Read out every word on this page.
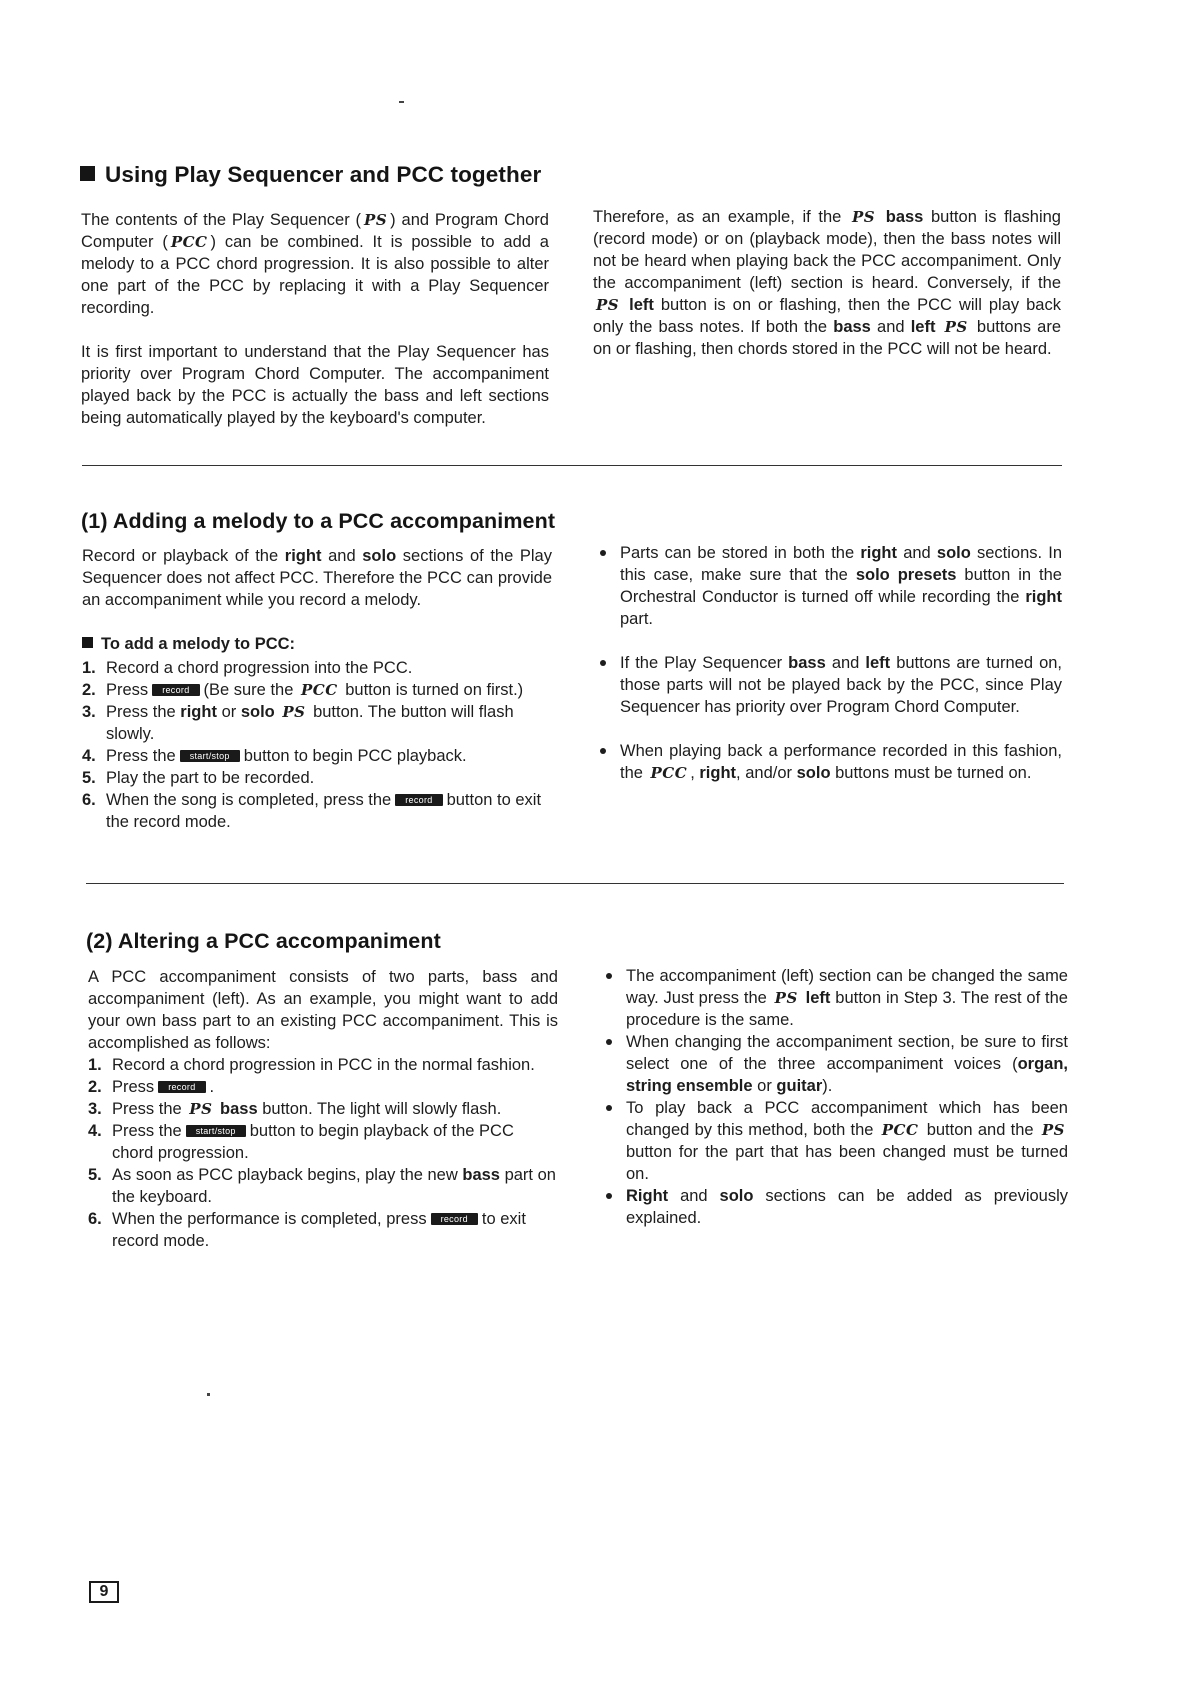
Using Play Sequencer and PCC together

The contents of the Play Sequencer ( PS ) and Program Chord Computer ( PCC ) can be combined. It is possible to add a melody to a PCC chord progression. It is also possible to alter one part of the PCC by replacing it with a Play Sequencer recording.

It is first important to understand that the Play Sequencer has priority over Program Chord Computer. The accompaniment played back by the PCC is actually the bass and left sections being automatically played by the keyboard's computer.

Therefore, as an example, if the PS bass button is flashing (record mode) or on (playback mode), then the bass notes will not be heard when playing back the PCC accompaniment. Only the accompaniment (left) section is heard. Conversely, if the PS left button is on or flashing, then the PCC will play back only the bass notes. If both the bass and left PS buttons are on or flashing, then chords stored in the PCC will not be heard.

(1) Adding a melody to a PCC accompaniment

Record or playback of the right and solo sections of the Play Sequencer does not affect PCC. Therefore the PCC can provide an accompaniment while you record a melody.

To add a melody to PCC:
1. Record a chord progression into the PCC.
2. Press record (Be sure the PCC button is turned on first.)
3. Press the right or solo PS button. The button will flash slowly.
4. Press the start/stop button to begin PCC playback.
5. Play the part to be recorded.
6. When the song is completed, press the record button to exit the record mode.
Parts can be stored in both the right and solo sections. In this case, make sure that the solo presets button in the Orchestral Conductor is turned off while recording the right part.
If the Play Sequencer bass and left buttons are turned on, those parts will not be played back by the PCC, since Play Sequencer has priority over Program Chord Computer.
When playing back a performance recorded in this fashion, the PCC , right, and/or solo buttons must be turned on.
(2) Altering a PCC accompaniment

A PCC accompaniment consists of two parts, bass and accompaniment (left). As an example, you might want to add your own bass part to an existing PCC accompaniment. This is accomplished as follows:

1. Record a chord progression in PCC in the normal fashion.
2. Press record .
3. Press the PS bass button. The light will slowly flash.
4. Press the start/stop button to begin playback of the PCC chord progression.
5. As soon as PCC playback begins, play the new bass part on the keyboard.
6. When the performance is completed, press record to exit record mode.
The accompaniment (left) section can be changed the same way. Just press the PS left button in Step 3. The rest of the procedure is the same.
When changing the accompaniment section, be sure to first select one of the three accompaniment voices (organ, string ensemble or guitar).
To play back a PCC accompaniment which has been changed by this method, both the PCC button and the PS button for the part that has been changed must be turned on.
Right and solo sections can be added as previously explained.
9
